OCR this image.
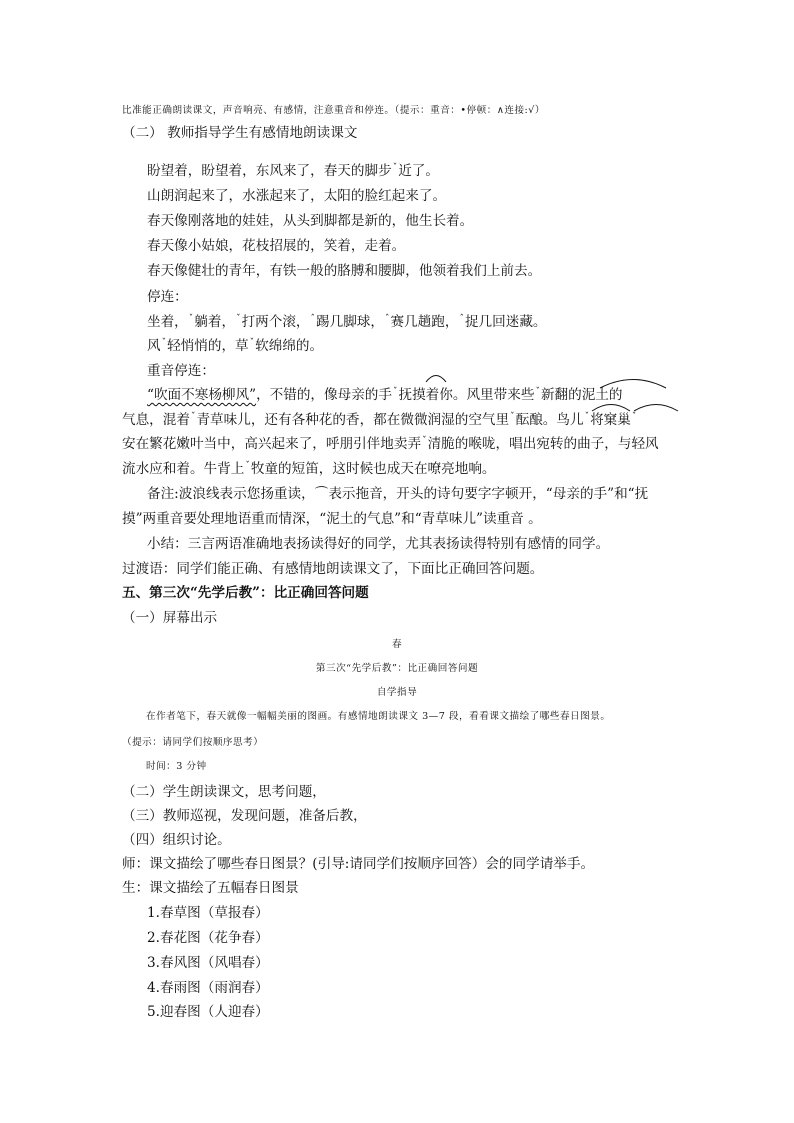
比准能正确朗读课文，声音响亮、有感情，注意重音和停连。（提示：重音：•停顿：∧连接:√）
（二） 教师指导学生有感情地朗读课文
盼望着，盼望着，东风来了，春天的脚步$^ˇ$近了。
山朗润起来了，水涨起来了，太阳的脸红起来了。
春天像刚落地的娃娃，从头到脚都是新的，他生长着。
春天像小姑娘，花枝招展的，笑着，走着。
春天像健壮的青年，有铁一般的胳膊和腰脚，他领着我们上前去。
停连：
坐着，$^ˇ$躺着，$^ˇ$打两个滚，$^ˆ$踢几脚球，$^ˆ$赛几趟跑，$^ˆ$捉几回迷藏。
风$^ˇ$轻悄悄的，草$^ˇ$软绵绵的。
重音停连：
“吹面不寒杨柳风”，不错的，像母亲的手$^ˇ$抚摸着你。风里带来些$^ˇ$新翻的泥土的
气息，混着$^ˇ$青草味儿，还有各种花的香，都在微微润湿的空气里$^ˇ$酝酿。鸟儿$^ˇ$将窠巢$^ˇ$
安在繁花嫩叶当中，高兴起来了，呼朋引伴地卖弄$^ˇ$清脆的喉咙，唱出宛转的曲子，与轻风
流水应和着。牛背上$^ˇ$牧童的短笛，这时候也成天在嘹亮地响。
备注:波浪线表示您扬重读，⌒表示拖音，开头的诗句要字字顿开，“母亲的手”和“抚
摸”两重音要处理地语重而情深，“泥土的气息”和“青草味儿”读重音 。
小结：三言两语准确地表扬读得好的同学，尤其表扬读得特别有感情的同学。
过渡语：同学们能正确、有感情地朗读课文了，下面比正确回答问题。
五、第三次“先学后教”：比正确回答问题
（一）屏幕出示
春
第三次“先学后教”：比正确回答问题
自学指导
在作者笔下，春天就像一幅幅美丽的图画。有感情地朗读课文 3—7 段，看看课文描绘了哪些春日图景。
（提示：请同学们按顺序思考）
时间：3 分钟
（二）学生朗读课文，思考问题，
（三）教师巡视，发现问题，准备后教，
（四）组织讨论。
师：课文描绘了哪些春日图景？(引导:请同学们按顺序回答）会的同学请举手。
生：课文描绘了五幅春日图景
1.春草图（草报春）
2.春花图（花争春）
3.春风图（风唱春）
4.春雨图（雨润春）
5.迎春图（人迎春）
